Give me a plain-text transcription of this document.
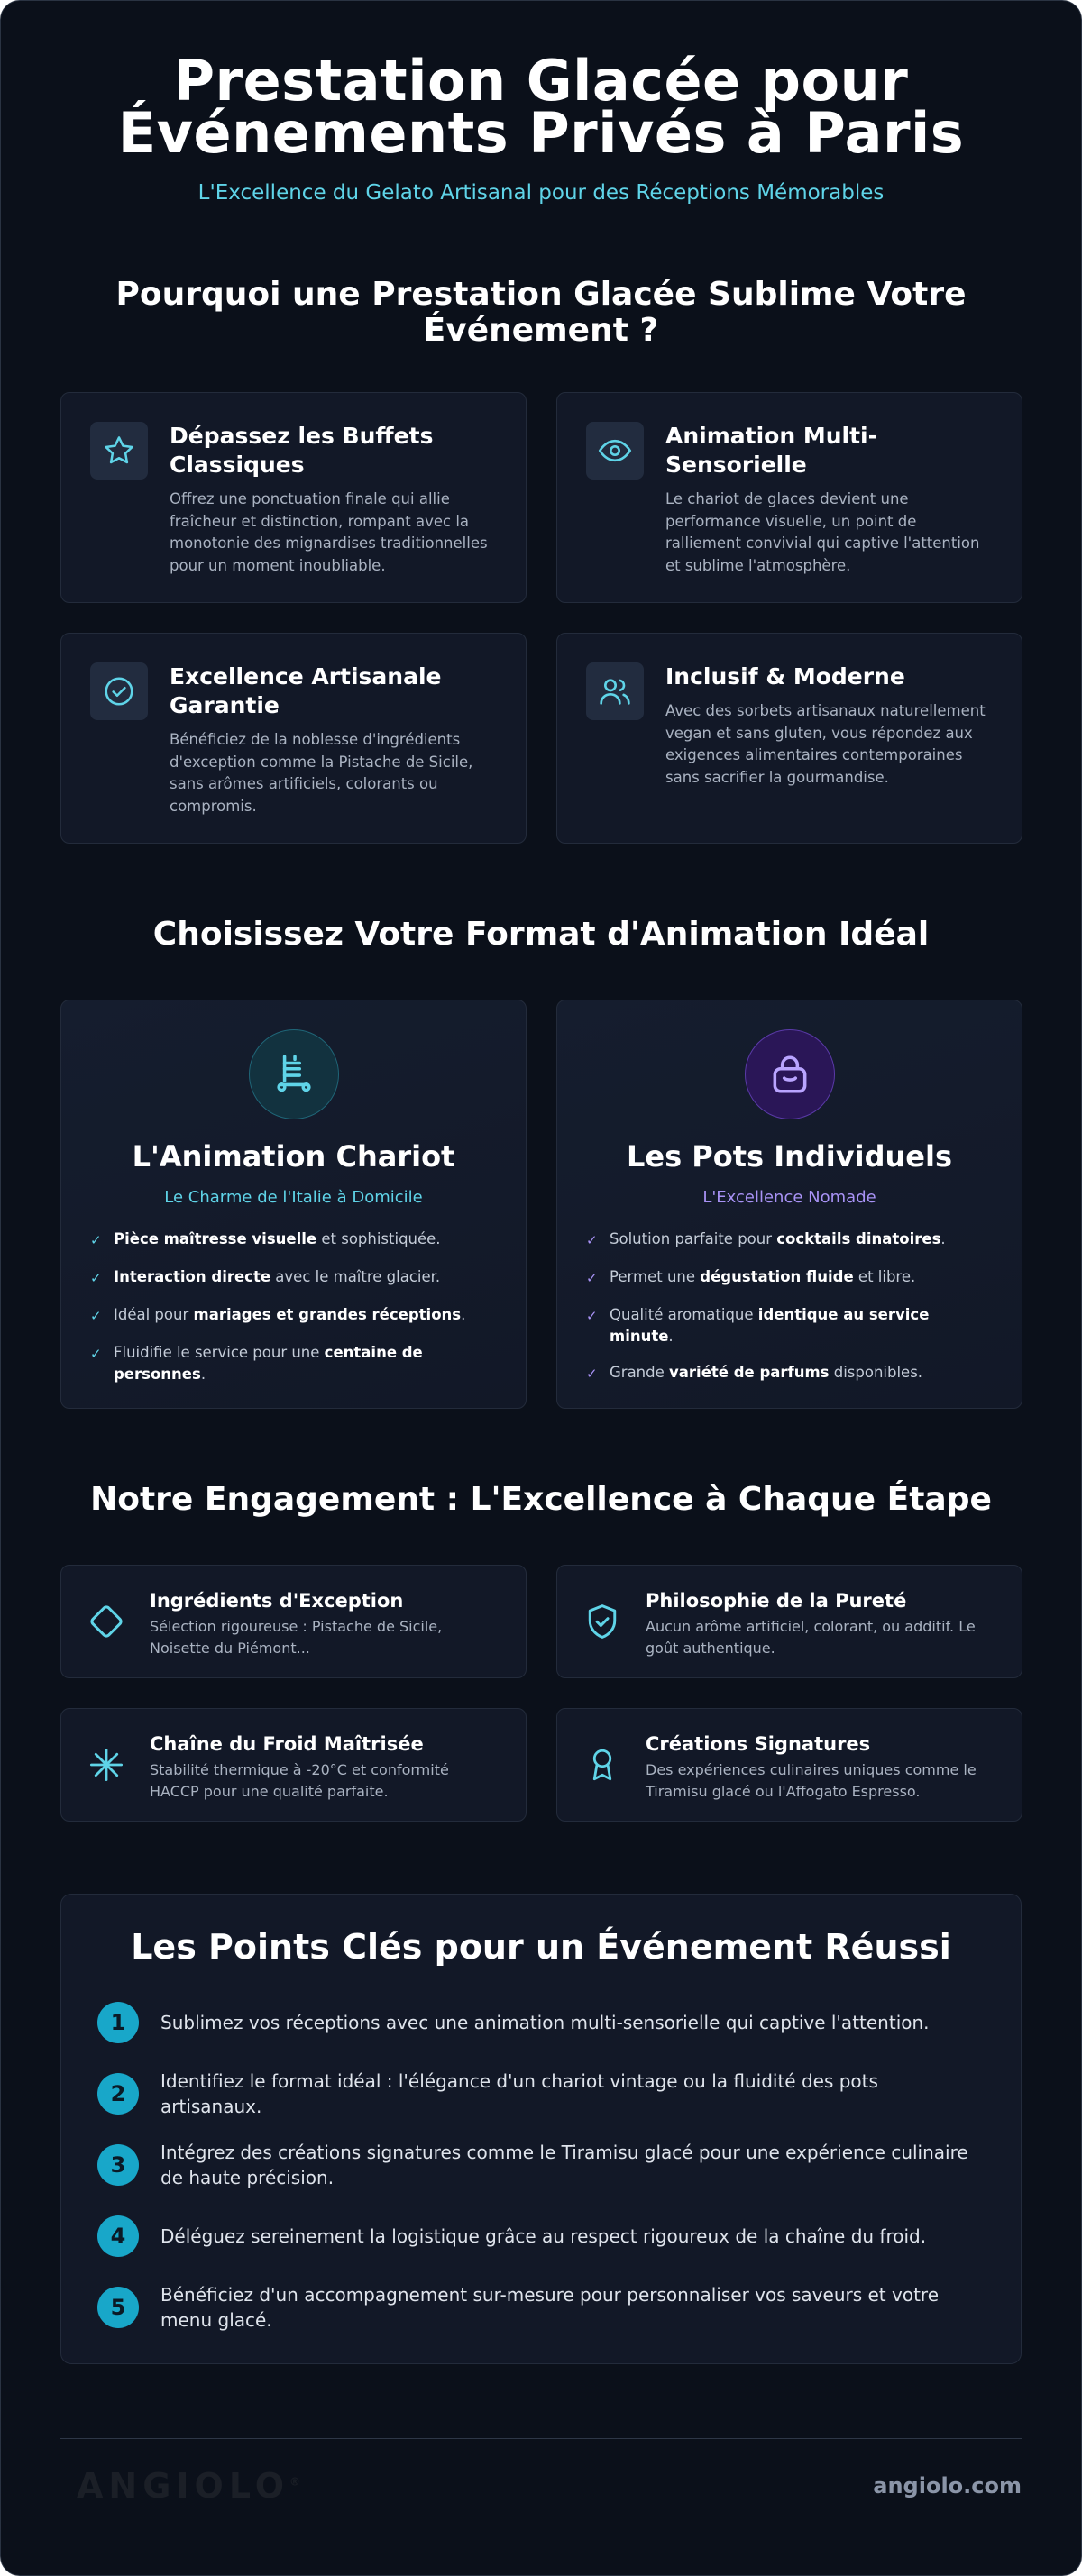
Prestation Glacée pour
Événements Privés à Paris
L'Excellence du Gelato Artisanal pour des Réceptions Mémorables
Pourquoi une Prestation Glacée Sublime Votre Événement ?
Dépassez les Buffets Classiques
Offrez une ponctuation finale qui allie fraîcheur et distinction, rompant avec la monotonie des mignardises traditionnelles pour un moment inoubliable.
Animation Multi-Sensorielle
Le chariot de glaces devient une performance visuelle, un point de ralliement convivial qui captive l'attention et sublime l'atmosphère.
Excellence Artisanale Garantie
Bénéficiez de la noblesse d'ingrédients d'exception comme la Pistache de Sicile, sans arômes artificiels, colorants ou compromis.
Inclusif & Moderne
Avec des sorbets artisanaux naturellement vegan et sans gluten, vous répondez aux exigences alimentaires contemporaines sans sacrifier la gourmandise.
Choisissez Votre Format d'Animation Idéal
L'Animation Chariot
Le Charme de l'Italie à Domicile
✓ Pièce maîtresse visuelle et sophistiquée.
✓ Interaction directe avec le maître glacier.
✓ Idéal pour mariages et grandes réceptions.
✓ Fluidifie le service pour une centaine de personnes.
Les Pots Individuels
L'Excellence Nomade
✓ Solution parfaite pour cocktails dinatoires.
✓ Permet une dégustation fluide et libre.
✓ Qualité aromatique identique au service minute.
✓ Grande variété de parfums disponibles.
Notre Engagement : L'Excellence à Chaque Étape
Ingrédients d'Exception
Sélection rigoureuse : Pistache de Sicile, Noisette du Piémont...
Philosophie de la Pureté
Aucun arôme artificiel, colorant, ou additif. Le goût authentique.
Chaîne du Froid Maîtrisée
Stabilité thermique à -20°C et conformité HACCP pour une qualité parfaite.
Créations Signatures
Des expériences culinaires uniques comme le Tiramisu glacé ou l'Affogato Espresso.
Les Points Clés pour un Événement Réussi
1	Sublimez vos réceptions avec une animation multi-sensorielle qui captive l'attention.
2	Identifiez le format idéal : l'élégance d'un chariot vintage ou la fluidité des pots artisanaux.
3	Intégrez des créations signatures comme le Tiramisu glacé pour une expérience culinaire de haute précision.
4	Déléguez sereinement la logistique grâce au respect rigoureux de la chaîne du froid.
5	Bénéficiez d'un accompagnement sur-mesure pour personnaliser vos saveurs et votre menu glacé.
ANGIOLO®	angiolo.com
